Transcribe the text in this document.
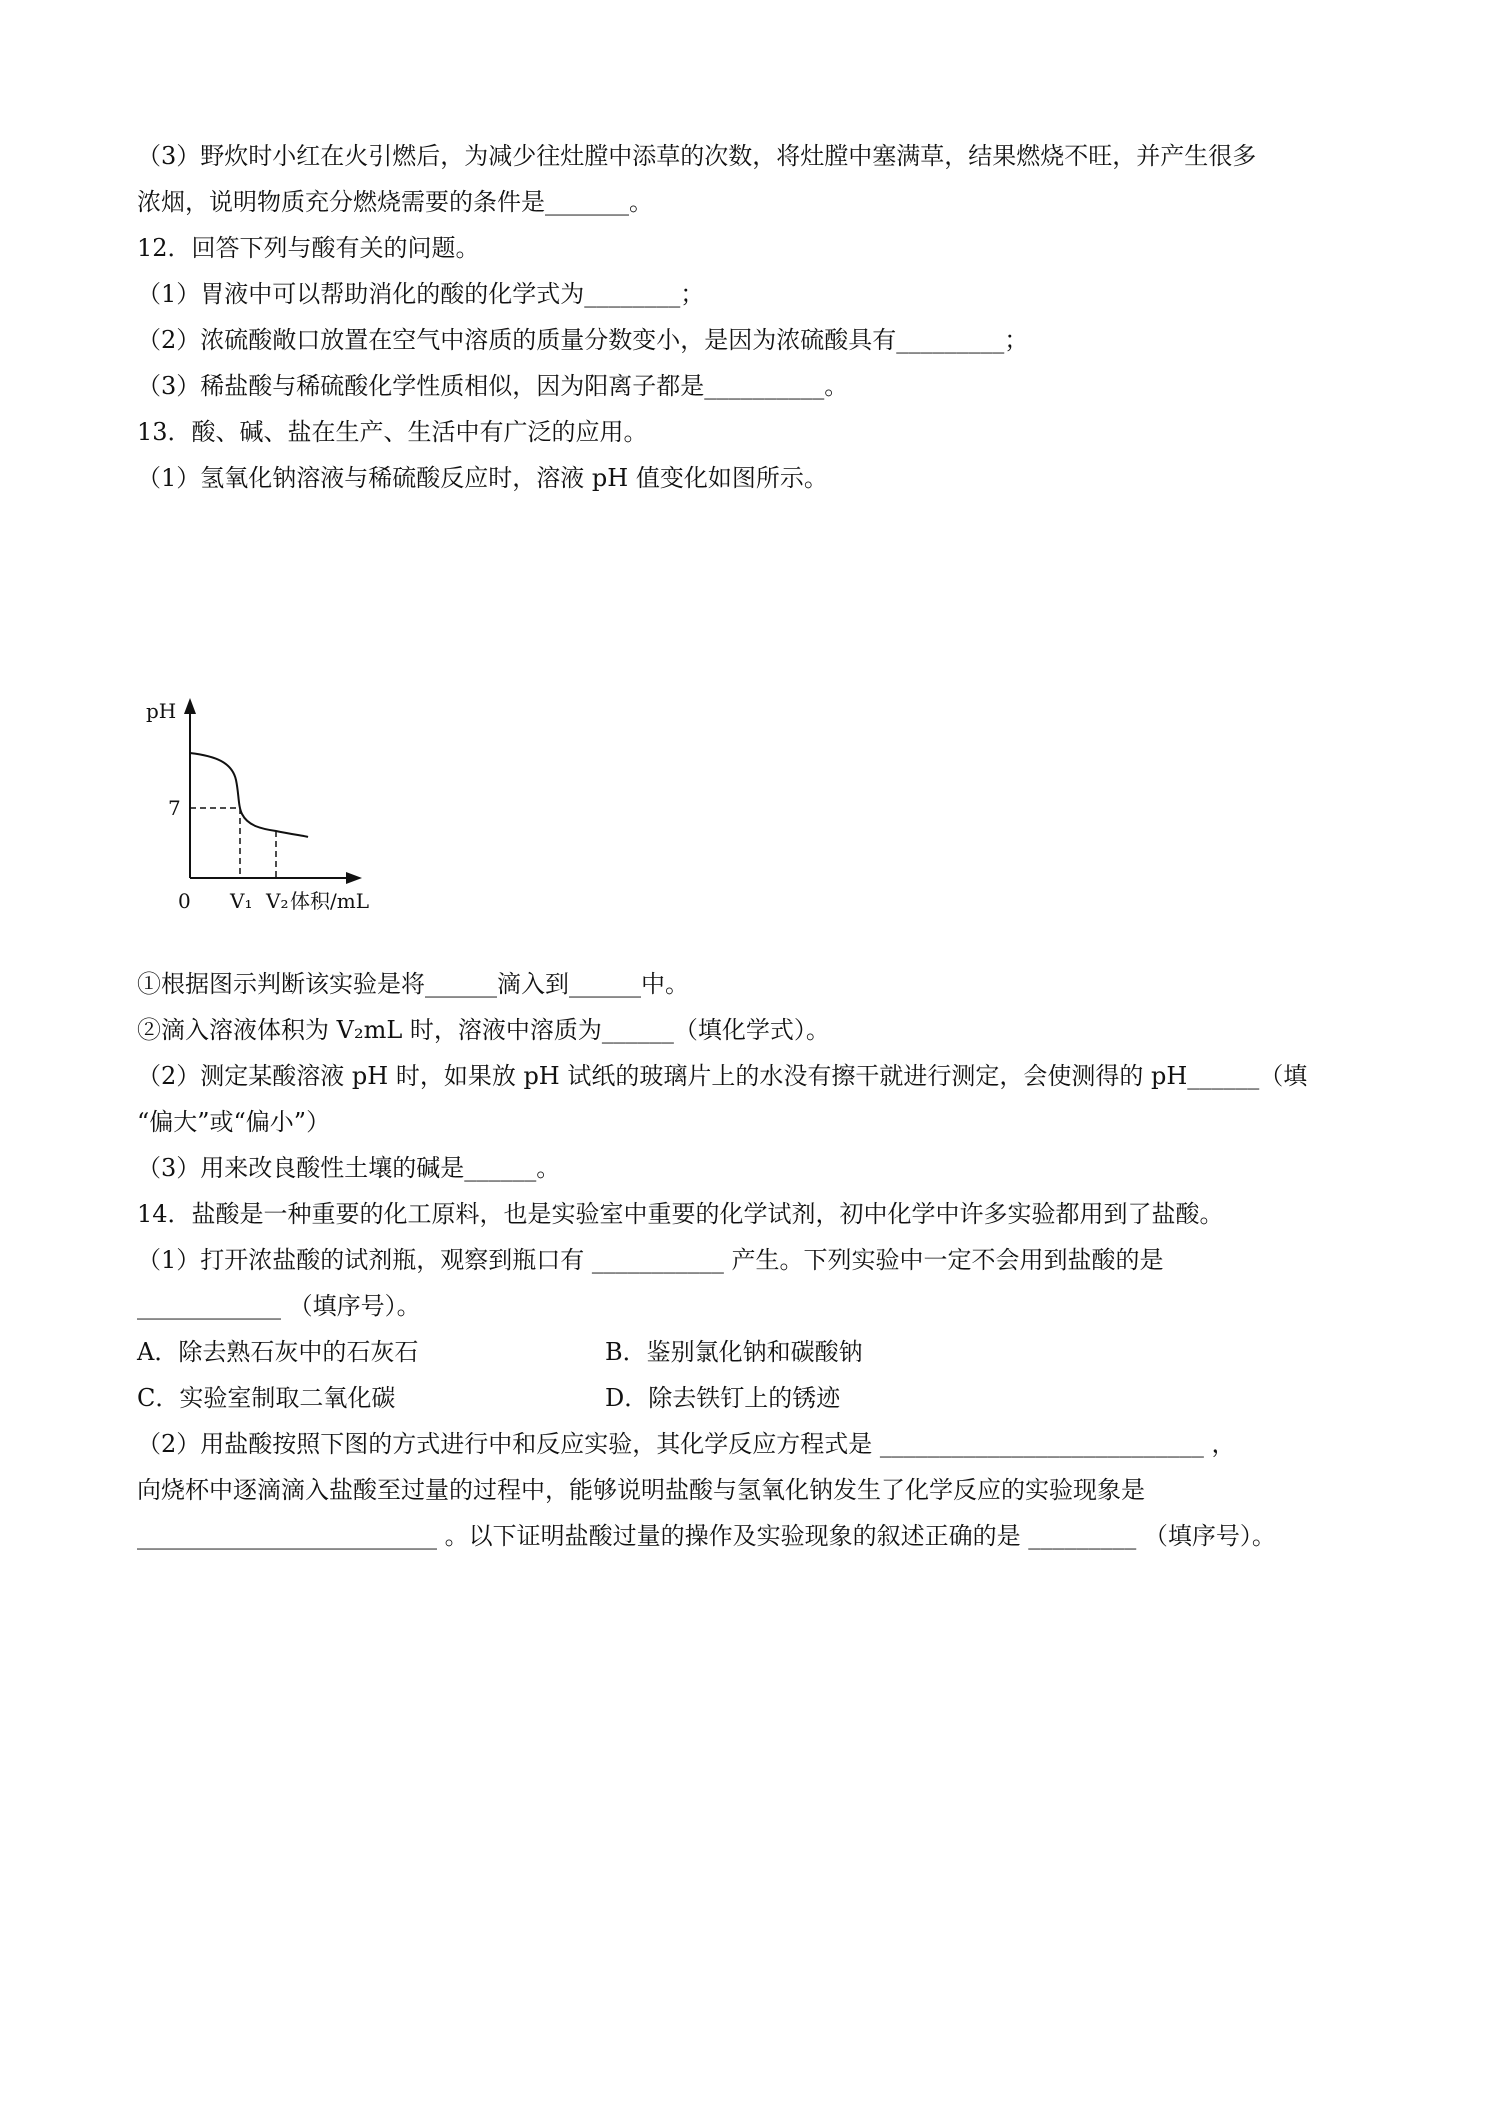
（3）野炊时小红在火引燃后，为减少往灶膛中添草的次数，将灶膛中塞满草，结果燃烧不旺，并产生很多
浓烟，说明物质充分燃烧需要的条件是_______。
12．回答下列与酸有关的问题。
（1）胃液中可以帮助消化的酸的化学式为________；
（2）浓硫酸敞口放置在空气中溶质的质量分数变小，是因为浓硫酸具有_________；
（3）稀盐酸与稀硫酸化学性质相似，因为阳离子都是__________。
13．酸、碱、盐在生产、生活中有广泛的应用。
（1）氢氧化钠溶液与稀硫酸反应时，溶液 pH 值变化如图所示。
pH
7
0 V₁ V₂ 体积/mL
①根据图示判断该实验是将______滴入到______中。
②滴入溶液体积为 V₂mL 时，溶液中溶质为______（填化学式）。
（2）测定某酸溶液 pH 时，如果放 pH 试纸的玻璃片上的水没有擦干就进行测定，会使测得的 pH______（填
“偏大”或“偏小”）
（3）用来改良酸性土壤的碱是______。
14．盐酸是一种重要的化工原料，也是实验室中重要的化学试剂，初中化学中许多实验都用到了盐酸。
（1）打开浓盐酸的试剂瓶，观察到瓶口有 ___________ 产生。下列实验中一定不会用到盐酸的是
____________ （填序号）。
A．除去熟石灰中的石灰石	B．鉴别氯化钠和碳酸钠
C．实验室制取二氧化碳	D．除去铁钉上的锈迹
（2）用盐酸按照下图的方式进行中和反应实验，其化学反应方程式是 ___________________________ ，
向烧杯中逐滴滴入盐酸至过量的过程中，能够说明盐酸与氢氧化钠发生了化学反应的实验现象是
_________________________ 。以下证明盐酸过量的操作及实验现象的叙述正确的是 _________ （填序号）。
